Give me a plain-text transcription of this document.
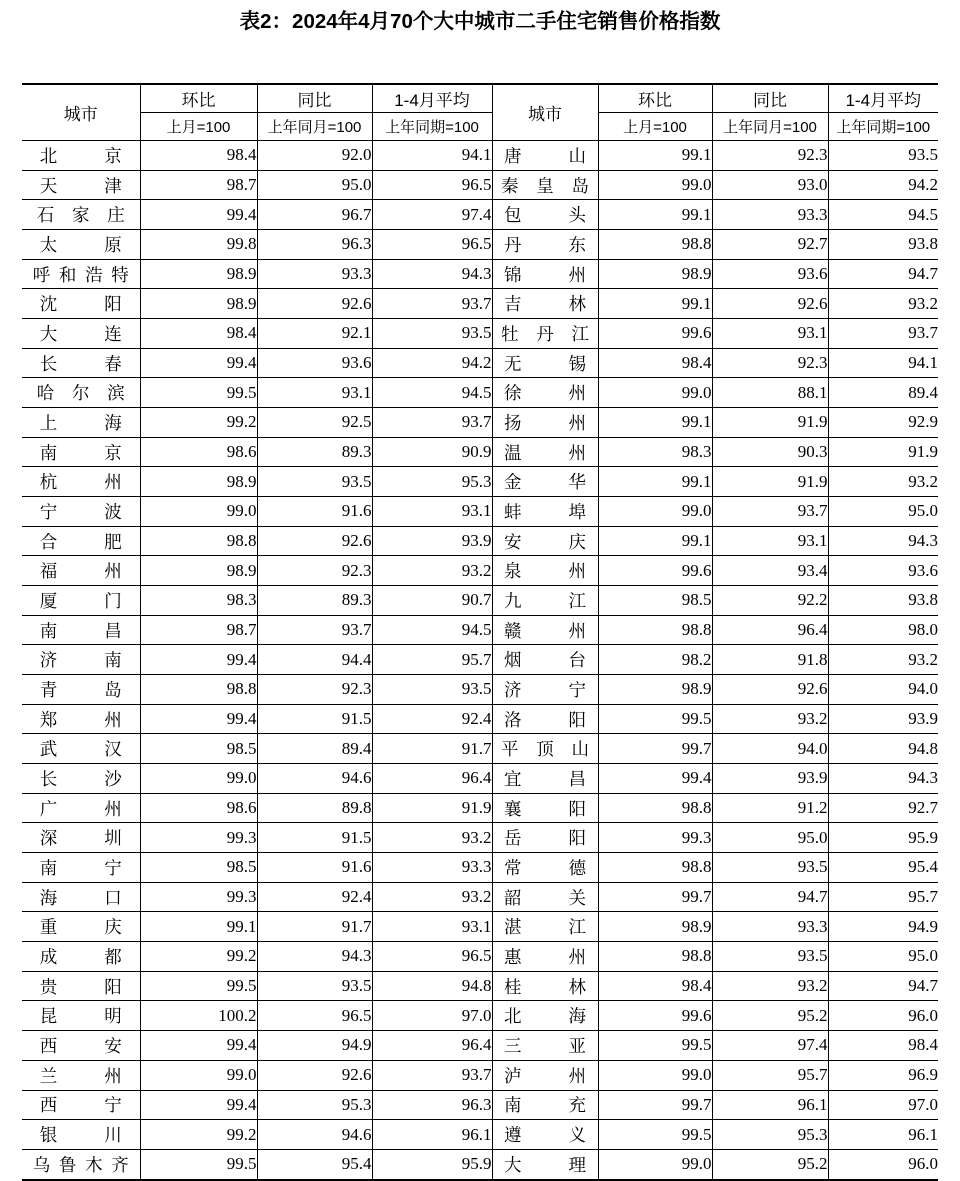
表2：2024年4月70个大中城市二手住宅销售价格指数
城市	环比	同比	1-4月平均	城市	环比	同比	1-4月平均
	上月=100	上年同月=100	上年同期=100		上月=100	上年同月=100	上年同期=100
北京	98.4	92.0	94.1	唐山	99.1	92.3	93.5
天津	98.7	95.0	96.5	秦皇岛	99.0	93.0	94.2
石家庄	99.4	96.7	97.4	包头	99.1	93.3	94.5
太原	99.8	96.3	96.5	丹东	98.8	92.7	93.8
呼和浩特	98.9	93.3	94.3	锦州	98.9	93.6	94.7
沈阳	98.9	92.6	93.7	吉林	99.1	92.6	93.2
大连	98.4	92.1	93.5	牡丹江	99.6	93.1	93.7
长春	99.4	93.6	94.2	无锡	98.4	92.3	94.1
哈尔滨	99.5	93.1	94.5	徐州	99.0	88.1	89.4
上海	99.2	92.5	93.7	扬州	99.1	91.9	92.9
南京	98.6	89.3	90.9	温州	98.3	90.3	91.9
杭州	98.9	93.5	95.3	金华	99.1	91.9	93.2
宁波	99.0	91.6	93.1	蚌埠	99.0	93.7	95.0
合肥	98.8	92.6	93.9	安庆	99.1	93.1	94.3
福州	98.9	92.3	93.2	泉州	99.6	93.4	93.6
厦门	98.3	89.3	90.7	九江	98.5	92.2	93.8
南昌	98.7	93.7	94.5	赣州	98.8	96.4	98.0
济南	99.4	94.4	95.7	烟台	98.2	91.8	93.2
青岛	98.8	92.3	93.5	济宁	98.9	92.6	94.0
郑州	99.4	91.5	92.4	洛阳	99.5	93.2	93.9
武汉	98.5	89.4	91.7	平顶山	99.7	94.0	94.8
长沙	99.0	94.6	96.4	宜昌	99.4	93.9	94.3
广州	98.6	89.8	91.9	襄阳	98.8	91.2	92.7
深圳	99.3	91.5	93.2	岳阳	99.3	95.0	95.9
南宁	98.5	91.6	93.3	常德	98.8	93.5	95.4
海口	99.3	92.4	93.2	韶关	99.7	94.7	95.7
重庆	99.1	91.7	93.1	湛江	98.9	93.3	94.9
成都	99.2	94.3	96.5	惠州	98.8	93.5	95.0
贵阳	99.5	93.5	94.8	桂林	98.4	93.2	94.7
昆明	100.2	96.5	97.0	北海	99.6	95.2	96.0
西安	99.4	94.9	96.4	三亚	99.5	97.4	98.4
兰州	99.0	92.6	93.7	泸州	99.0	95.7	96.9
西宁	99.4	95.3	96.3	南充	99.7	96.1	97.0
银川	99.2	94.6	96.1	遵义	99.5	95.3	96.1
乌鲁木齐	99.5	95.4	95.9	大理	99.0	95.2	96.0
